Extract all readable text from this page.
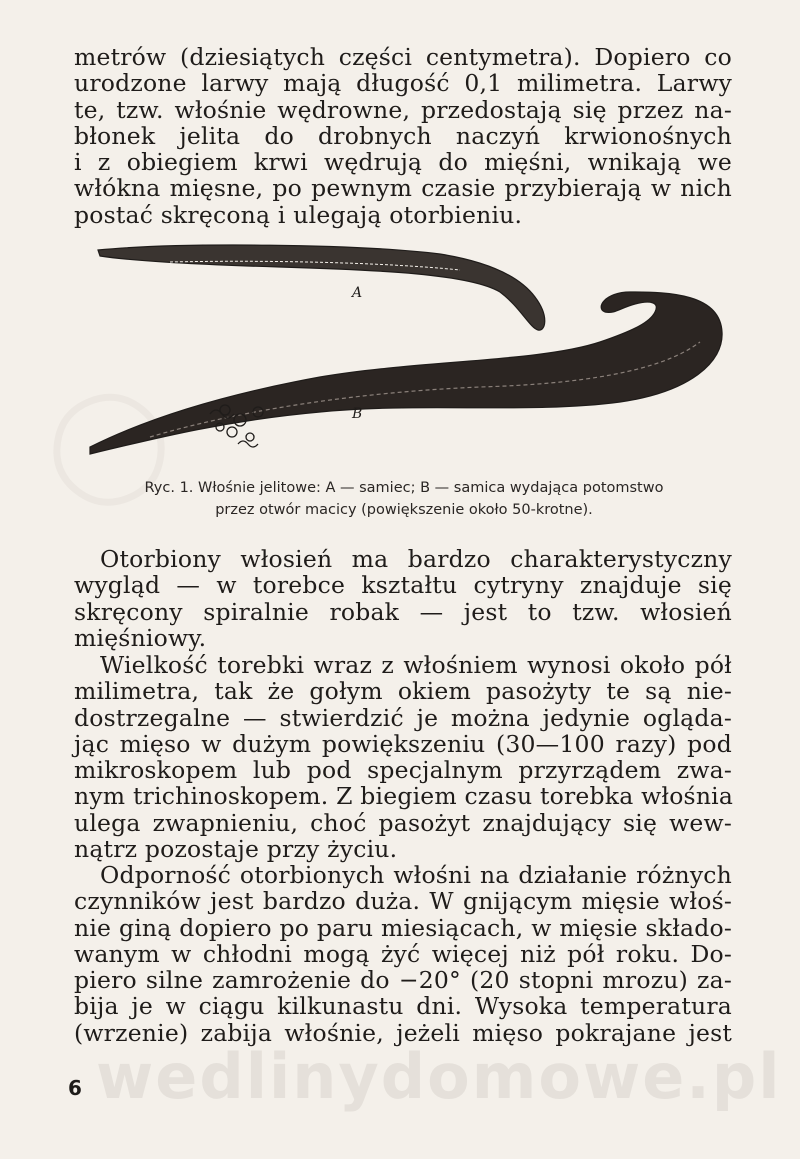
◯

metrów (dziesiątych części centymetra). Dopiero co
urodzone larwy mają długość 0,1 milimetra. Larwy
te, tzw. włośnie wędrowne, przedostają się przez na-
błonek jelita do drobnych naczyń krwionośnych
i z obiegiem krwi wędrują do mięśni, wnikają we
włókna mięsne, po pewnym czasie przybierają w nich
postać skręconą i ulegają otorbieniu.

A
B
Ryc. 1. Włośnie jelitowe: A — samiec; B — samica wydająca potomstwo
przez otwór macicy (powiększenie około 50-krotne).

Otorbiony włosień ma bardzo charakterystyczny
wygląd — w torebce kształtu cytryny znajduje się
skręcony spiralnie robak — jest to tzw. włosień
mięśniowy.

Wielkość torebki wraz z włośniem wynosi około pół
milimetra, tak że gołym okiem pasożyty te są nie-
dostrzegalne — stwierdzić je można jedynie ogląda-
jąc mięso w dużym powiększeniu (30—100 razy) pod
mikroskopem lub pod specjalnym przyrządem zwa-
nym trichinoskopem. Z biegiem czasu torebka włośnia
ulega zwapnieniu, choć pasożyt znajdujący się wew-
nątrz pozostaje przy życiu.

Odporność otorbionych włośni na działanie różnych
czynników jest bardzo duża. W gnijącym mięsie włoś-
nie giną dopiero po paru miesiącach, w mięsie składo-
wanym w chłodni mogą żyć więcej niż pół roku. Do-
piero silne zamrożenie do −20° (20 stopni mrozu) za-
bija je w ciągu kilkunastu dni. Wysoka temperatura
(wrzenie) zabija włośnie, jeżeli mięso pokrajane jest

wedlinydomowe.pl
6
